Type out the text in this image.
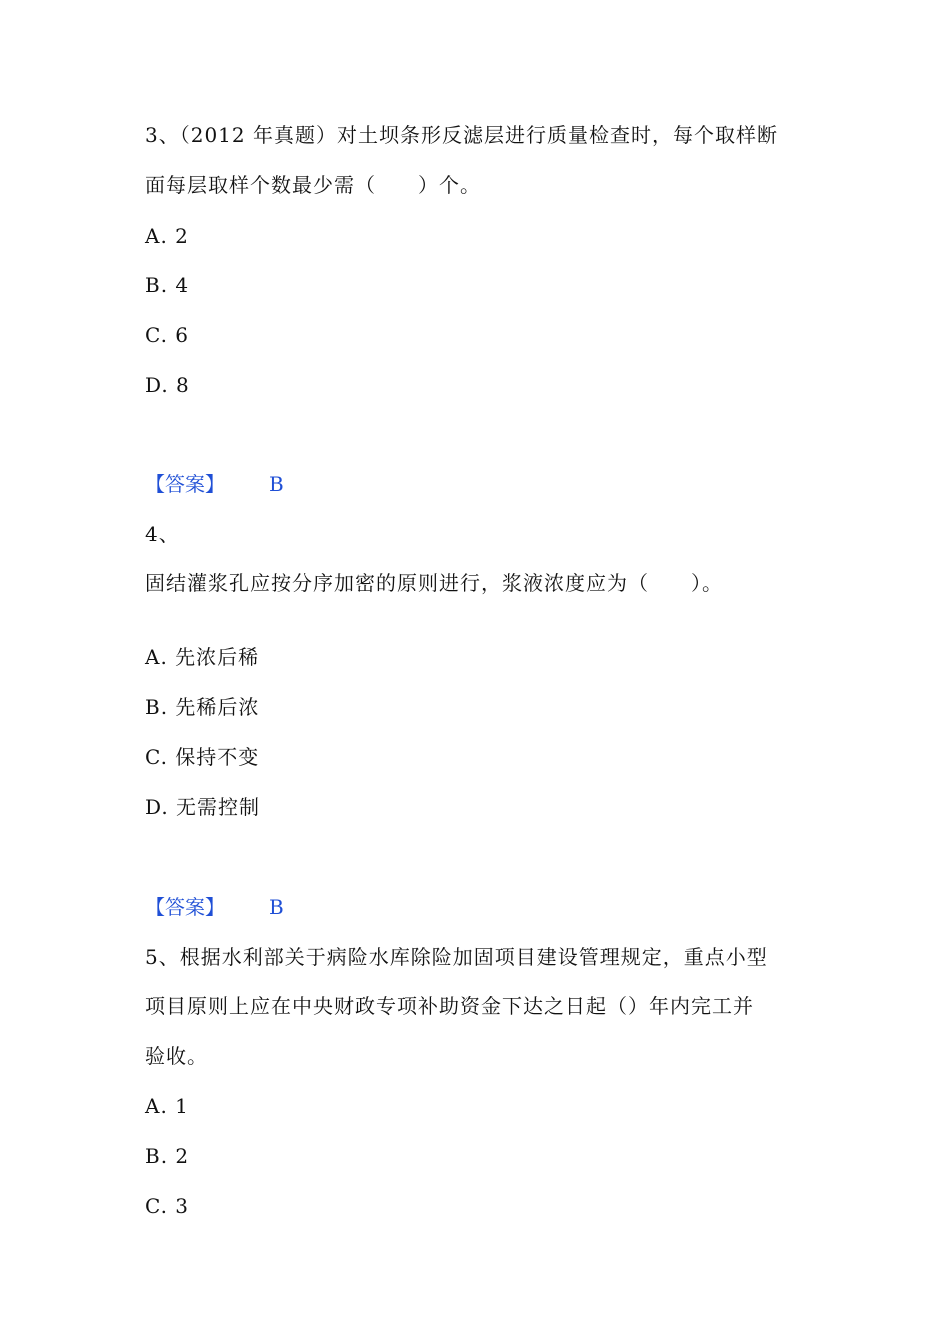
3、（2012 年真题）对土坝条形反滤层进行质量检查时，每个取样断
面每层取样个数最少需（　　）个。
A. 2
B. 4
C. 6
D. 8
【答案】 B
4、
固结灌浆孔应按分序加密的原则进行，浆液浓度应为（　　）。
A. 先浓后稀
B. 先稀后浓
C. 保持不变
D. 无需控制
【答案】 B
5、根据水利部关于病险水库除险加固项目建设管理规定，重点小型
项目原则上应在中央财政专项补助资金下达之日起（）年内完工并
验收。
A. 1
B. 2
C. 3
